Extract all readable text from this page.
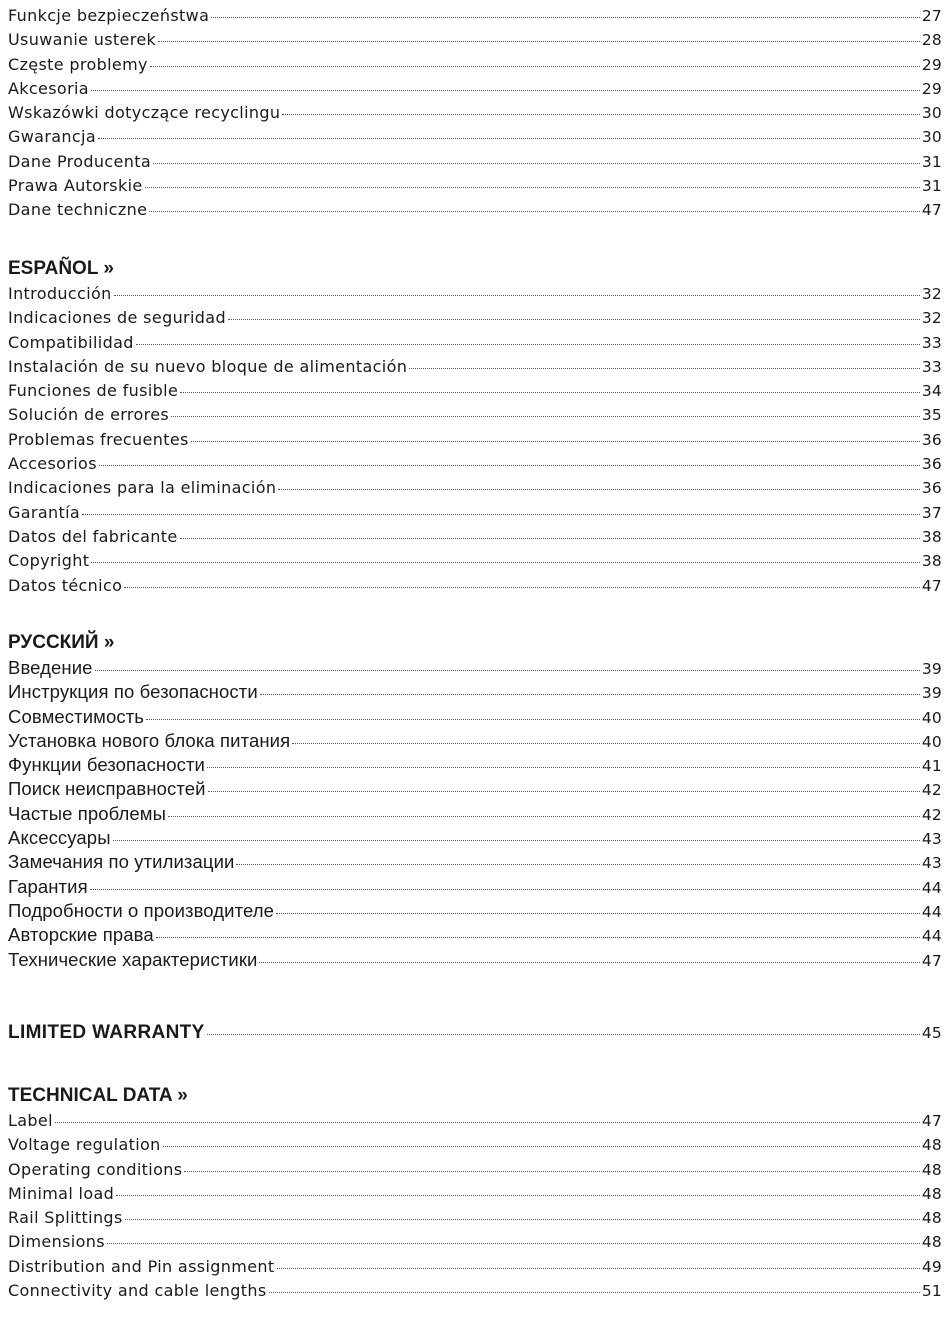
Funkcje bezpieczeństwa	27
Usuwanie usterek	28
Częste problemy	29
Akcesoria	29
Wskazówki dotyczące recyclingu	30
Gwarancja	30
Dane Producenta	31
Prawa Autorskie	31
Dane techniczne	47
ESPAÑOL »
Introducción	32
Indicaciones de seguridad	32
Compatibilidad	33
Instalación de su nuevo bloque de alimentación	33
Funciones de fusible	34
Solución de errores	35
Problemas frecuentes	36
Accesorios	36
Indicaciones para la eliminación	36
Garantía	37
Datos del fabricante	38
Copyright	38
Datos técnico	47
РУССКИЙ »
Введение	39
Инструкция по безопасности	39
Совместимость	40
Установка нового блока питания	40
Функции безопасности	41
Поиск неисправностей	42
Частые проблемы	42
Аксессуары	43
Замечания по утилизации	43
Гарантия	44
Подробности о производителе	44
Авторские права	44
Технические характеристики	47
LIMITED WARRANTY	45
TECHNICAL DATA »
Label	47
Voltage regulation	48
Operating conditions	48
Minimal load	48
Rail Splittings	48
Dimensions	48
Distribution and Pin assignment	49
Connectivity and cable lengths	51
